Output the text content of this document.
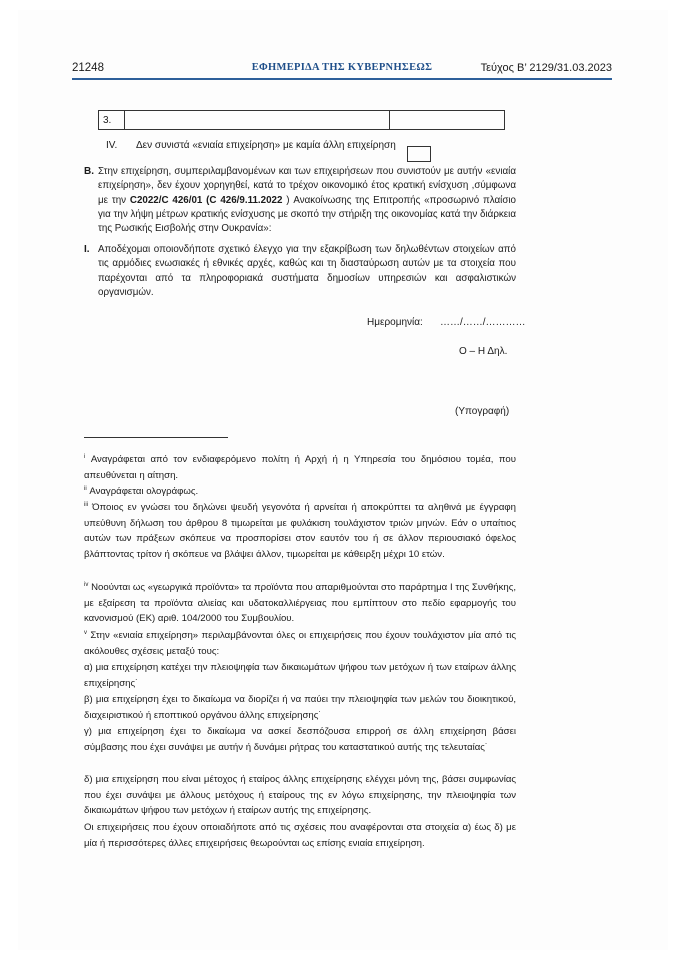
21248	ΕΦΗΜΕΡΙΔΑ ΤΗΣ ΚΥΒΕΡΝΗΣΕΩΣ	Τεύχος Β’ 2129/31.03.2023
3.		
IV. Δεν συνιστά «ενιαία επιχείρηση» με καμία άλλη επιχείρηση
Β. Στην επιχείρηση, συμπεριλαμβανομένων και των επιχειρήσεων που συνιστούν με αυτήν «ενιαία επιχείρηση», δεν έχουν χορηγηθεί, κατά το τρέχον οικονομικό έτος κρατική ενίσχυση ,σύμφωνα με την C2022/C 426/01 (C 426/9.11.2022 ) Ανακοίνωσης της Επιτροπής «προσωρινό πλαίσιο για την λήψη μέτρων κρατικής ενίσχυσης με σκοπό την στήριξη της οικονομίας κατά την διάρκεια της Ρωσικής Εισβολής στην Ουκρανία»:
Ι. Αποδέχομαι οποιονδήποτε σχετικό έλεγχο για την εξακρίβωση των δηλωθέντων στοιχείων από τις αρμόδιες ενωσιακές ή εθνικές αρχές, καθώς και τη διασταύρωση αυτών με τα στοιχεία που παρέχονται από τα πληροφοριακά συστήματα δημοσίων υπηρεσιών και ασφαλιστικών οργανισμών.
Ημερομηνία: ……/……/…………
Ο – Η Δηλ.
(Υπογραφή)
$^i$ Αναγράφεται από τον ενδιαφερόμενο πολίτη ή Αρχή ή η Υπηρεσία του δημόσιου τομέα, που απευθύνεται η αίτηση.
$^{ii}$ Αναγράφεται ολογράφως.
$^{iii}$ Όποιος εν γνώσει του δηλώνει ψευδή γεγονότα ή αρνείται ή αποκρύπτει τα αληθινά με έγγραφη υπεύθυνη δήλωση του άρθρου 8 τιμωρείται με φυλάκιση τουλάχιστον τριών μηνών. Εάν ο υπαίτιος αυτών των πράξεων σκόπευε να προσπορίσει στον εαυτόν του ή σε άλλον περιουσιακό όφελος βλάπτοντας τρίτον ή σκόπευε να βλάψει άλλον, τιμωρείται με κάθειρξη μέχρι 10 ετών.
$^{iv}$ Νοούνται ως «γεωργικά προϊόντα» τα προϊόντα που απαριθμούνται στο παράρτημα Ι της Συνθήκης, με εξαίρεση τα προϊόντα αλιείας και υδατοκαλλιέργειας που εμπίπτουν στο πεδίο εφαρμογής του κανονισμού (ΕΚ) αριθ. 104/2000 του Συμβουλίου.
$^v$ Στην «ενιαία επιχείρηση» περιλαμβάνονται όλες οι επιχειρήσεις που έχουν τουλάχιστον μία από τις ακόλουθες σχέσεις μεταξύ τους:
α) μια επιχείρηση κατέχει την πλειοψηφία των δικαιωμάτων ψήφου των μετόχων ή των εταίρων άλλης επιχείρησης˙
β) μια επιχείρηση έχει το δικαίωμα να διορίζει ή να παύει την πλειοψηφία των μελών του διοικητικού, διαχειριστικού ή εποπτικού οργάνου άλλης επιχείρησης˙
γ) μια επιχείρηση έχει το δικαίωμα να ασκεί δεσπόζουσα επιρροή σε άλλη επιχείρηση βάσει σύμβασης που έχει συνάψει με αυτήν ή δυνάμει ρήτρας του καταστατικού αυτής της τελευταίας˙
δ) μια επιχείρηση που είναι μέτοχος ή εταίρος άλλης επιχείρησης ελέγχει μόνη της, βάσει συμφωνίας που έχει συνάψει με άλλους μετόχους ή εταίρους της εν λόγω επιχείρησης, την πλειοψηφία των δικαιωμάτων ψήφου των μετόχων ή εταίρων αυτής της επιχείρησης.
Οι επιχειρήσεις που έχουν οποιαδήποτε από τις σχέσεις που αναφέρονται στα στοιχεία α) έως δ) με μία ή περισσότερες άλλες επιχειρήσεις θεωρούνται ως επίσης ενιαία επιχείρηση.
